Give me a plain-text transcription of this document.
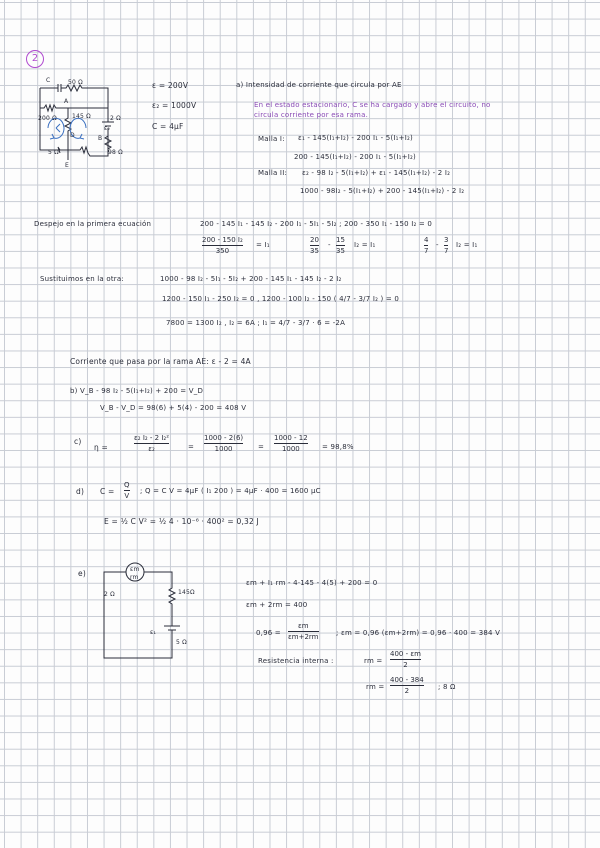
2
C	50 Ω
A
200 Ω	145 Ω	2 Ω
ε₂
D	B
5 Ω	98 Ω
E
ε = 200V
ε₂ = 1000V
C = 4μF
a) Intensidad de corriente que circula por AE
En el estado estacionario, C se ha cargado y abre el circuito, no
circula corriente por esa rama.
Malla I: ε₁ - 145(I₁+I₂) - 200 I₁ - 5(I₁+I₂)
200 - 145(I₁+I₂) - 200 I₁ - 5(I₁+I₂)
Malla II: ε₂ - 98 I₂ - 5(I₁+I₂) + ε₁ - 145(I₁+I₂) - 2 I₂
1000 - 98I₂ - 5(I₁+I₂) + 200 - 145(I₁+I₂) - 2 I₂
Despejo en la primera ecuación	200 - 145 I₁ - 145 I₂ - 200 I₁ - 5I₁ - 5I₂ ; 200 - 350 I₁ - 150 I₂ = 0
200 - 150 I₂
350
= I₁
20
35
-
15
35
I₂ = I₁
4
7
-
3
7
I₂ = I₁
Sustituimos en la otra:	1000 - 98 I₂ - 5I₁ - 5I₂ + 200 - 145 I₁ - 145 I₂ - 2 I₂
1200 - 150 I₁ - 250 I₂ = 0 , 1200 - 100 I₂ - 150 ( 4/7 - 3/7 I₂ ) = 0
7800 = 1300 I₂ , I₂ = 6A ; I₁ = 4/7 - 3/7 · 6 = -2A
Corriente que pasa por la rama AE: ε - 2 = 4A
b) V_B - 98 I₂ - 5(I₁+I₂) + 200 = V_D
V_B - V_D = 98(6) + 5(4) - 200 = 408 V
c)
η =
ε₂ I₂ - 2 I₂²
ε₂	=
1000 - 2(6)
1000	=
1000 - 12
1000	= 98,8%
d) C =
Q
V
; Q = C V = 4μF ( I₁ 200 ) = 4μF · 400 = 1600 μC
E = ½ C V² = ½ 4 · 10⁻⁶ · 400² = 0,32 J
e)	εm
rm
2 Ω	145Ω
ε₁
5 Ω
εm + I₁ rm - 4·145 - 4(5) + 200 = 0
εm + 2rm = 400
0,96 =
εm
εm+2rm	; εm = 0,96 (εm+2rm) = 0,96 · 400 = 384 V
Resistencia interna :	rm =
400 - εm
2
rm =
400 - 384
2	; 8 Ω
